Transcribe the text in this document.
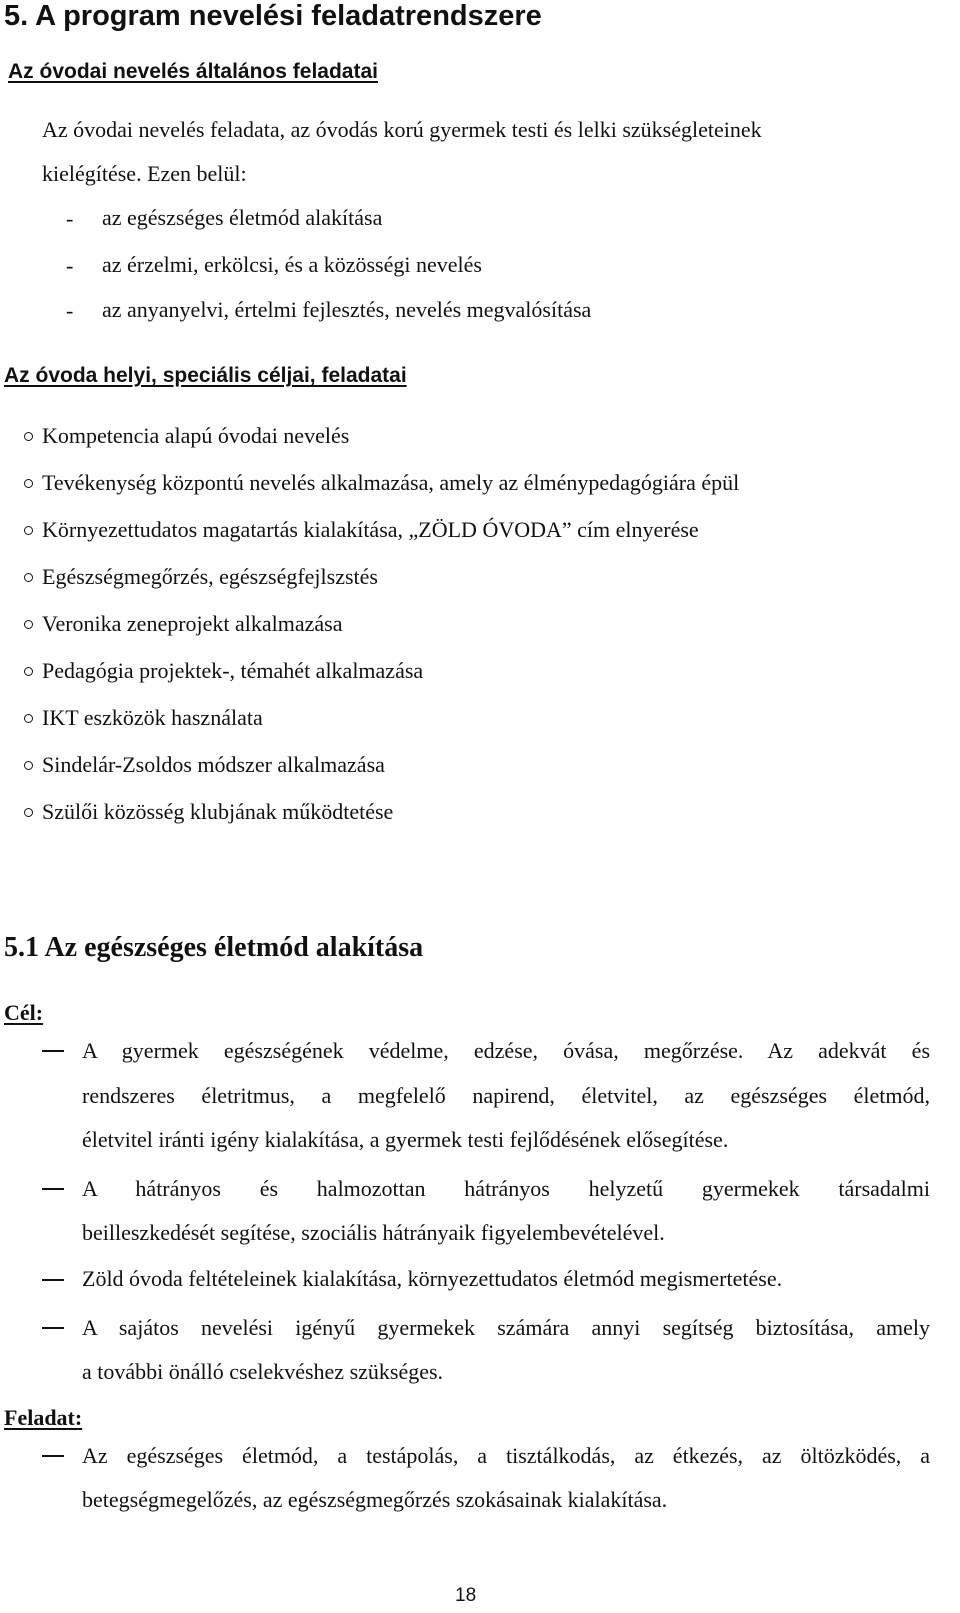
5. A program nevelési feladatrendszere
Az óvodai nevelés általános feladatai
Az óvodai nevelés feladata, az óvodás korú gyermek testi és lelki szükségleteinek
kielégítése. Ezen belül:
- az egészséges életmód alakítása
- az érzelmi, erkölcsi, és a közösségi nevelés
- az anyanyelvi, értelmi fejlesztés, nevelés megvalósítása
Az óvoda helyi, speciális céljai, feladatai
Kompetencia alapú óvodai nevelés
Tevékenység központú nevelés alkalmazása, amely az élménypedagógiára épül
Környezettudatos magatartás kialakítása, „ZÖLD ÓVODA” cím elnyerése
Egészségmegőrzés, egészségfejlszstés
Veronika zeneprojekt alkalmazása
Pedagógia projektek-, témahét alkalmazása
IKT eszközök használata
Sindelár-Zsoldos módszer alkalmazása
Szülői közösség klubjának működtetése
5.1 Az egészséges életmód alakítása
Cél:
A gyermek egészségének védelme, edzése, óvása, megőrzése. Az adekvát és
rendszeres életritmus, a megfelelő napirend, életvitel, az egészséges életmód,
életvitel iránti igény kialakítása, a gyermek testi fejlődésének elősegítése.
A hátrányos és halmozottan hátrányos helyzetű gyermekek társadalmi
beilleszkedését segítése, szociális hátrányaik figyelembevételével.
Zöld óvoda feltételeinek kialakítása, környezettudatos életmód megismertetése.
A sajátos nevelési igényű gyermekek számára annyi segítség biztosítása, amely
a további önálló cselekvéshez szükséges.
Feladat:
Az egészséges életmód, a testápolás, a tisztálkodás, az étkezés, az öltözködés, a
betegségmegelőzés, az egészségmegőrzés szokásainak kialakítása.
18
